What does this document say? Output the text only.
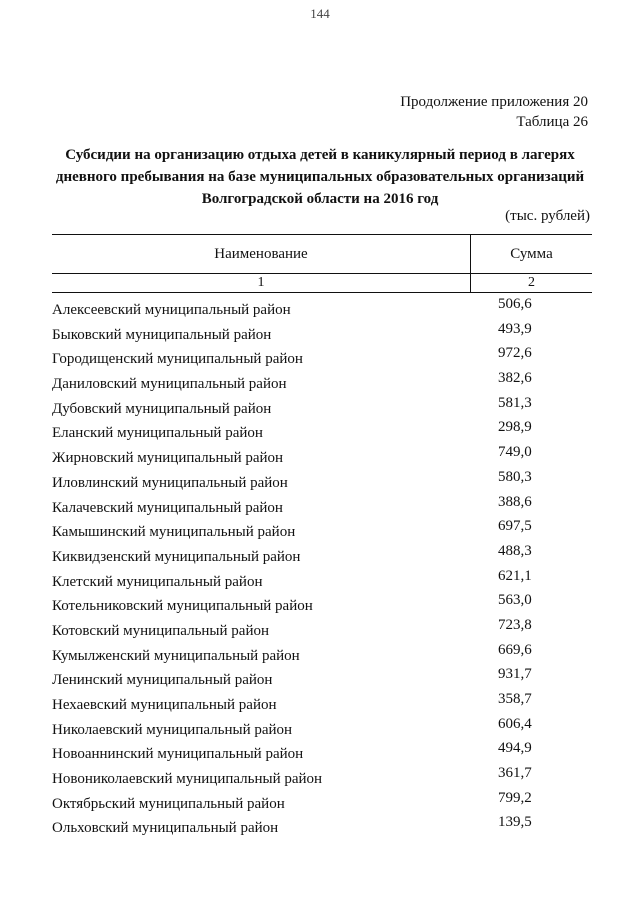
144
Продолжение приложения 20
Таблица 26
Субсидии на организацию отдыха детей в каникулярный период в лагерях
дневного пребывания на базе муниципальных образовательных организаций
Волгоградской области на 2016 год
(тыс. рублей)
Наименование	Сумма
1	2
Алексеевский муниципальный район	506,6
Быковский муниципальный район	493,9
Городищенский муниципальный район	972,6
Даниловский муниципальный район	382,6
Дубовский муниципальный район	581,3
Еланский муниципальный район	298,9
Жирновский муниципальный район	749,0
Иловлинский муниципальный район	580,3
Калачевский муниципальный район	388,6
Камышинский муниципальный район	697,5
Киквидзенский муниципальный район	488,3
Клетский муниципальный район	621,1
Котельниковский муниципальный район	563,0
Котовский муниципальный район	723,8
Кумылженский муниципальный район	669,6
Ленинский муниципальный район	931,7
Нехаевский муниципальный район	358,7
Николаевский муниципальный район	606,4
Новоаннинский муниципальный район	494,9
Новониколаевский муниципальный район	361,7
Октябрьский муниципальный район	799,2
Ольховский муниципальный район	139,5
